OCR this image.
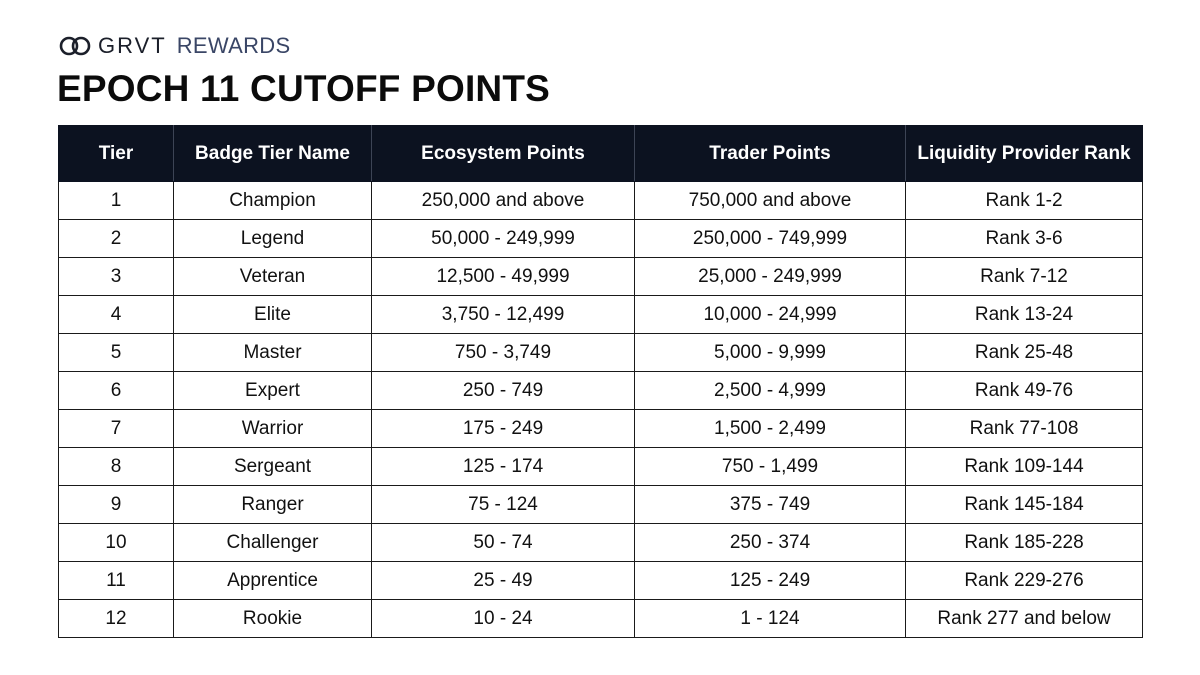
GRVT REWARDS
EPOCH 11 CUTOFF POINTS
Tier	Badge Tier Name	Ecosystem Points	Trader Points	Liquidity Provider Rank
1	Champion	250,000 and above	750,000 and above	Rank 1-2
2	Legend	50,000 - 249,999	250,000 - 749,999	Rank 3-6
3	Veteran	12,500 - 49,999	25,000 - 249,999	Rank 7-12
4	Elite	3,750 - 12,499	10,000 - 24,999	Rank 13-24
5	Master	750 - 3,749	5,000 - 9,999	Rank 25-48
6	Expert	250 - 749	2,500 - 4,999	Rank 49-76
7	Warrior	175 - 249	1,500 - 2,499	Rank 77-108
8	Sergeant	125 - 174	750 - 1,499	Rank 109-144
9	Ranger	75 - 124	375 - 749	Rank 145-184
10	Challenger	50 - 74	250 - 374	Rank 185-228
11	Apprentice	25 - 49	125 - 249	Rank 229-276
12	Rookie	10 - 24	1 - 124	Rank 277 and below
